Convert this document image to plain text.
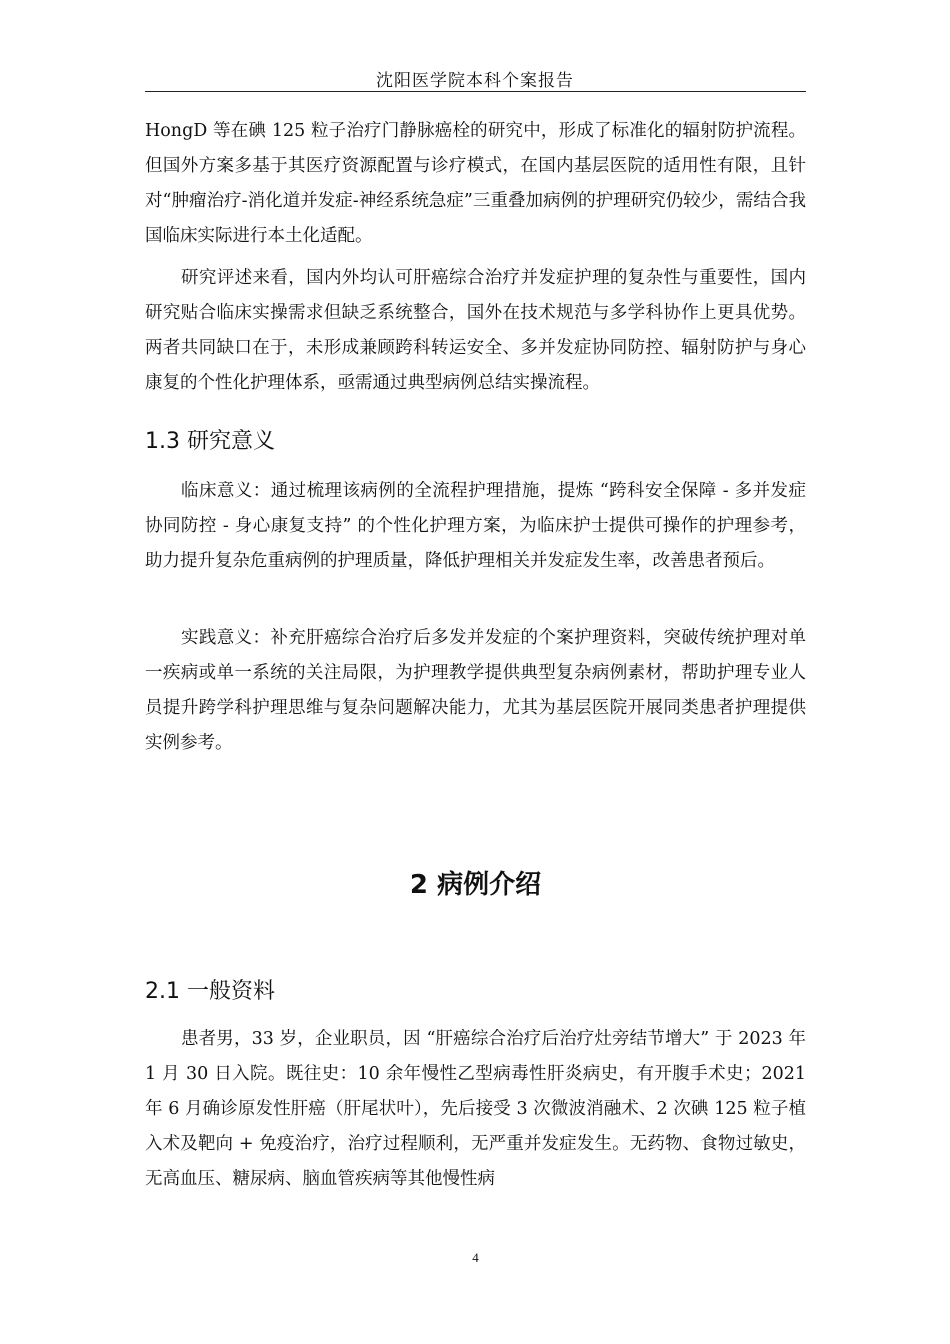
沈阳医学院本科个案报告

HongD 等在碘 125 粒子治疗门静脉癌栓的研究中，形成了标准化的辐射防护流程。但国外方案多基于其医疗资源配置与诊疗模式，在国内基层医院的适用性有限，且针对“肿瘤治疗-消化道并发症-神经系统急症”三重叠加病例的护理研究仍较少，需结合我国临床实际进行本土化适配。

研究评述来看，国内外均认可肝癌综合治疗并发症护理的复杂性与重要性，国内研究贴合临床实操需求但缺乏系统整合，国外在技术规范与多学科协作上更具优势。两者共同缺口在于，未形成兼顾跨科转运安全、多并发症协同防控、辐射防护与身心康复的个性化护理体系，亟需通过典型病例总结实操流程。

1.3 研究意义

临床意义：通过梳理该病例的全流程护理措施，提炼 “跨科安全保障 - 多并发症协同防控 - 身心康复支持” 的个性化护理方案，为临床护士提供可操作的护理参考，助力提升复杂危重病例的护理质量，降低护理相关并发症发生率，改善患者预后。

实践意义：补充肝癌综合治疗后多发并发症的个案护理资料，突破传统护理对单一疾病或单一系统的关注局限，为护理教学提供典型复杂病例素材，帮助护理专业人员提升跨学科护理思维与复杂问题解决能力，尤其为基层医院开展同类患者护理提供实例参考。

2 病例介绍
2.1 一般资料

患者男，33 岁，企业职员，因 “肝癌综合治疗后治疗灶旁结节增大” 于 2023 年 1 月 30 日入院。既往史：10 余年慢性乙型病毒性肝炎病史，有开腹手术史；2021 年 6 月确诊原发性肝癌（肝尾状叶），先后接受 3 次微波消融术、2 次碘 125 粒子植入术及靶向 + 免疫治疗，治疗过程顺利，无严重并发症发生。无药物、食物过敏史，无高血压、糖尿病、脑血管疾病等其他慢性病

4
